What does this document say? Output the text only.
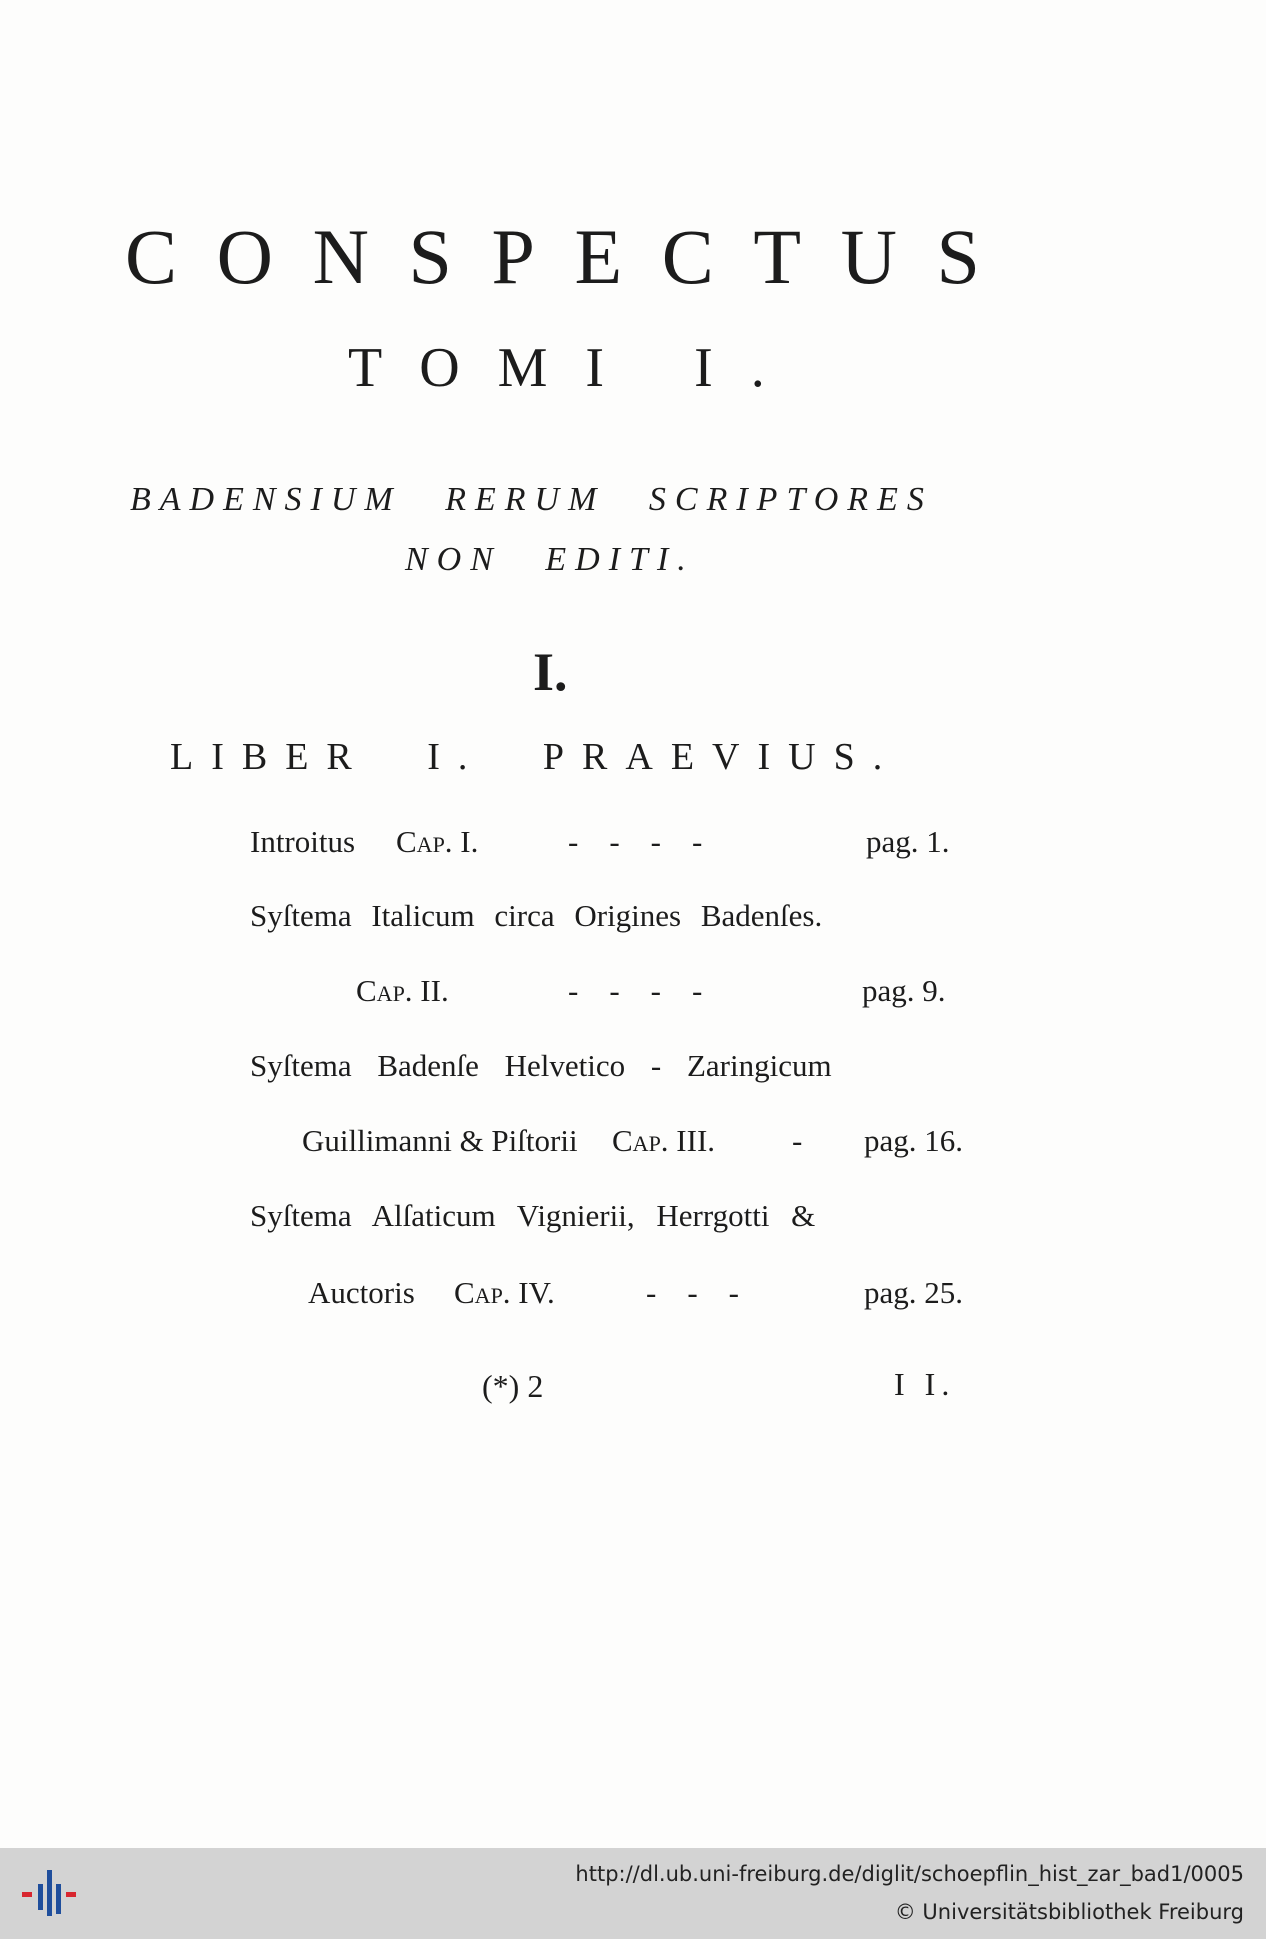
C O N S P E C T U S
TOMI I.
BADENSIUM RERUM SCRIPTORES
NON EDITI.
I.
LIBER I. PRAEVIUS.
Introitus Cap. I.	-    -    -    -	pag. 1.
Syſtema Italicum circa Origines Badenſes.
Cap. II.	-    -    -    -	pag. 9.
Syſtema Badenſe Helvetico - Zaringicum
Guillimanni & Piſtorii Cap. III. - pag. 16.
Syſtema Alſaticum Vignierii, Herrgotti &
Auctoris Cap. IV.	-    -    -	pag. 25.
(*) 2	I I.
http://dl.ub.uni-freiburg.de/diglit/schoepflin_hist_zar_bad1/0005
© Universitätsbibliothek Freiburg
